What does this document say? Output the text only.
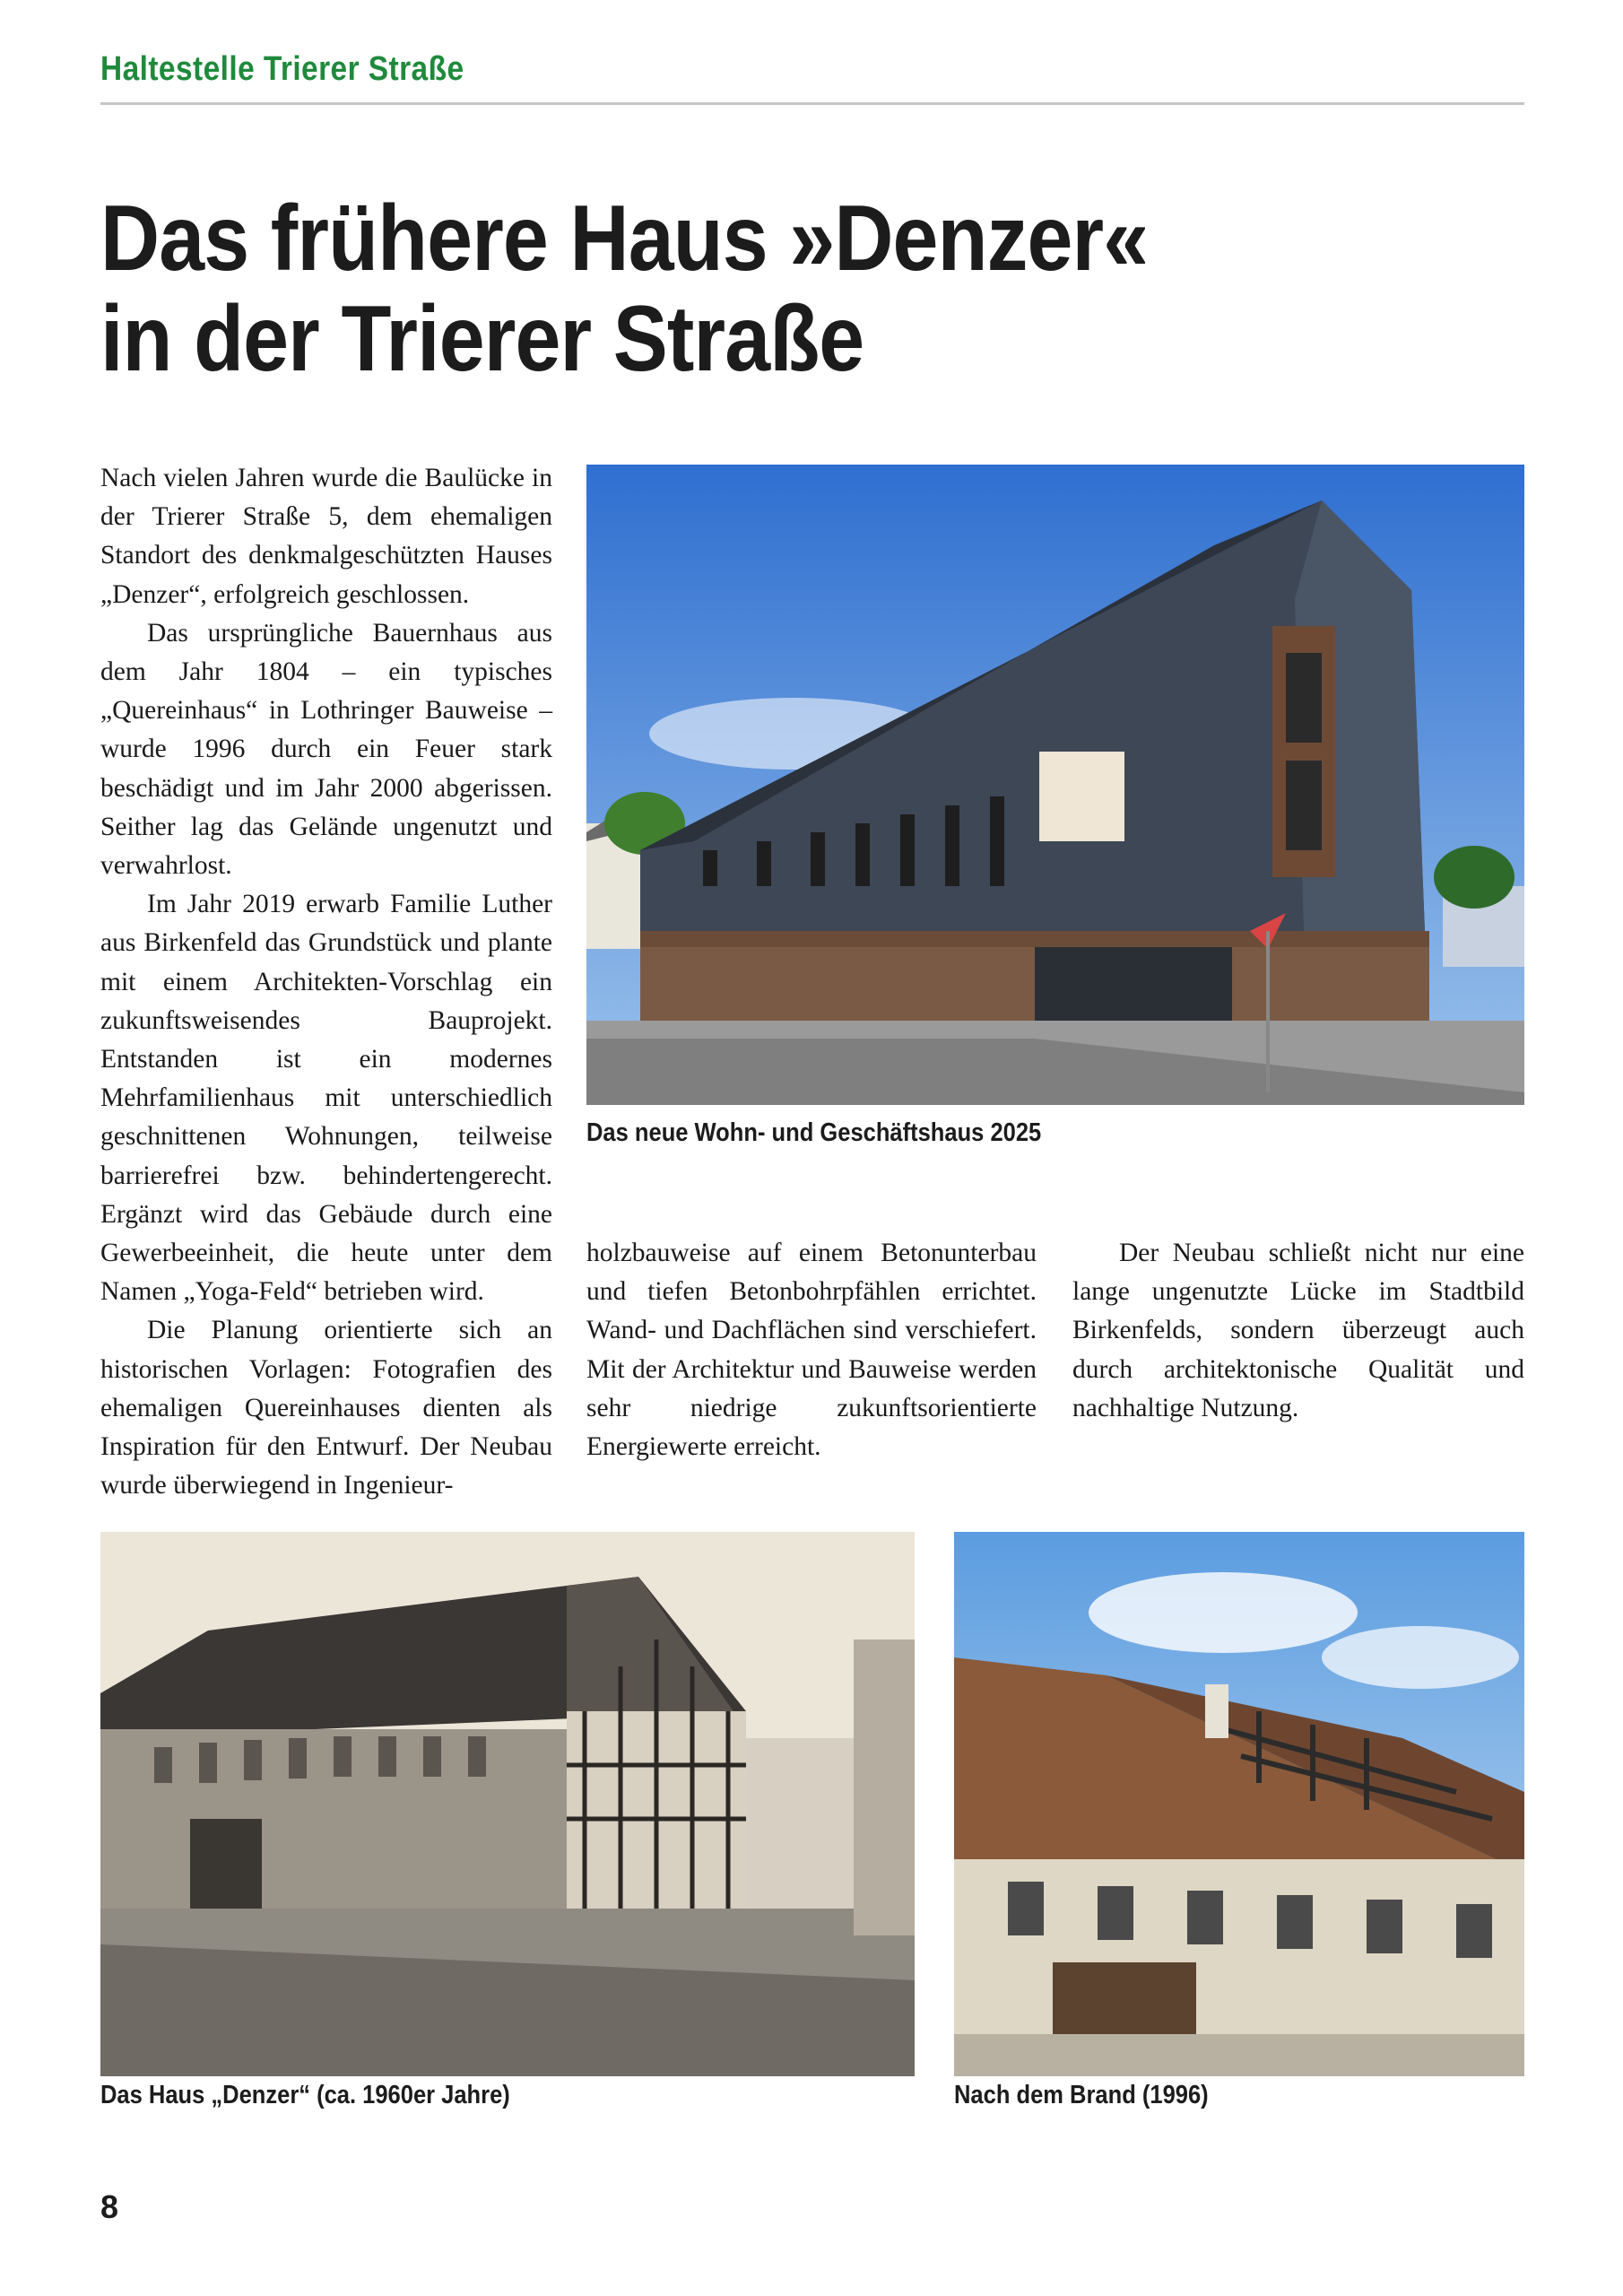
Haltestelle Trierer Straße
Das frühere Haus »Denzer«
in der Trierer Straße

Nach vielen Jahren wurde die Baulücke in der Trierer Straße 5, dem ehemaligen Standort des denkmalgeschützten Hauses „Denzer“, erfolgreich geschlossen.

Das ursprüngliche Bauernhaus aus dem Jahr 1804 – ein typisches „Quereinhaus“ in Lothringer Bauweise – wurde 1996 durch ein Feuer stark beschädigt und im Jahr 2000 abgerissen. Seither lag das Gelände ungenutzt und verwahrlost.

Im Jahr 2019 erwarb Familie Luther aus Birkenfeld das Grundstück und plante mit einem Architekten-Vorschlag ein zukunftsweisendes Bauprojekt. Entstanden ist ein modernes Mehrfamilienhaus mit unterschiedlich geschnittenen Wohnungen, teilweise barrierefrei bzw. behindertengerecht. Ergänzt wird das Gebäude durch eine Gewerbeeinheit, die heute unter dem Namen „Yoga-Feld“ betrieben wird.

Die Planung orientierte sich an historischen Vorlagen: Fotografien des ehemaligen Quereinhauses dienten als Inspiration für den Entwurf. Der Neubau wurde überwiegend in Ingenieur-

holzbauweise auf einem Betonunterbau und tiefen Betonbohrpfählen errichtet. Wand- und Dachflächen sind verschiefert. Mit der Architektur und Bauweise werden sehr niedrige zukunftsorientierte Energiewerte erreicht.

Der Neubau schließt nicht nur eine lange ungenutzte Lücke im Stadtbild Birkenfelds, sondern überzeugt auch durch architektonische Qualität und nachhaltige Nutzung.

Das neue Wohn- und Geschäftshaus 2025
Das Haus „Denzer“ (ca. 1960er Jahre)	Nach dem Brand (1996)
8
